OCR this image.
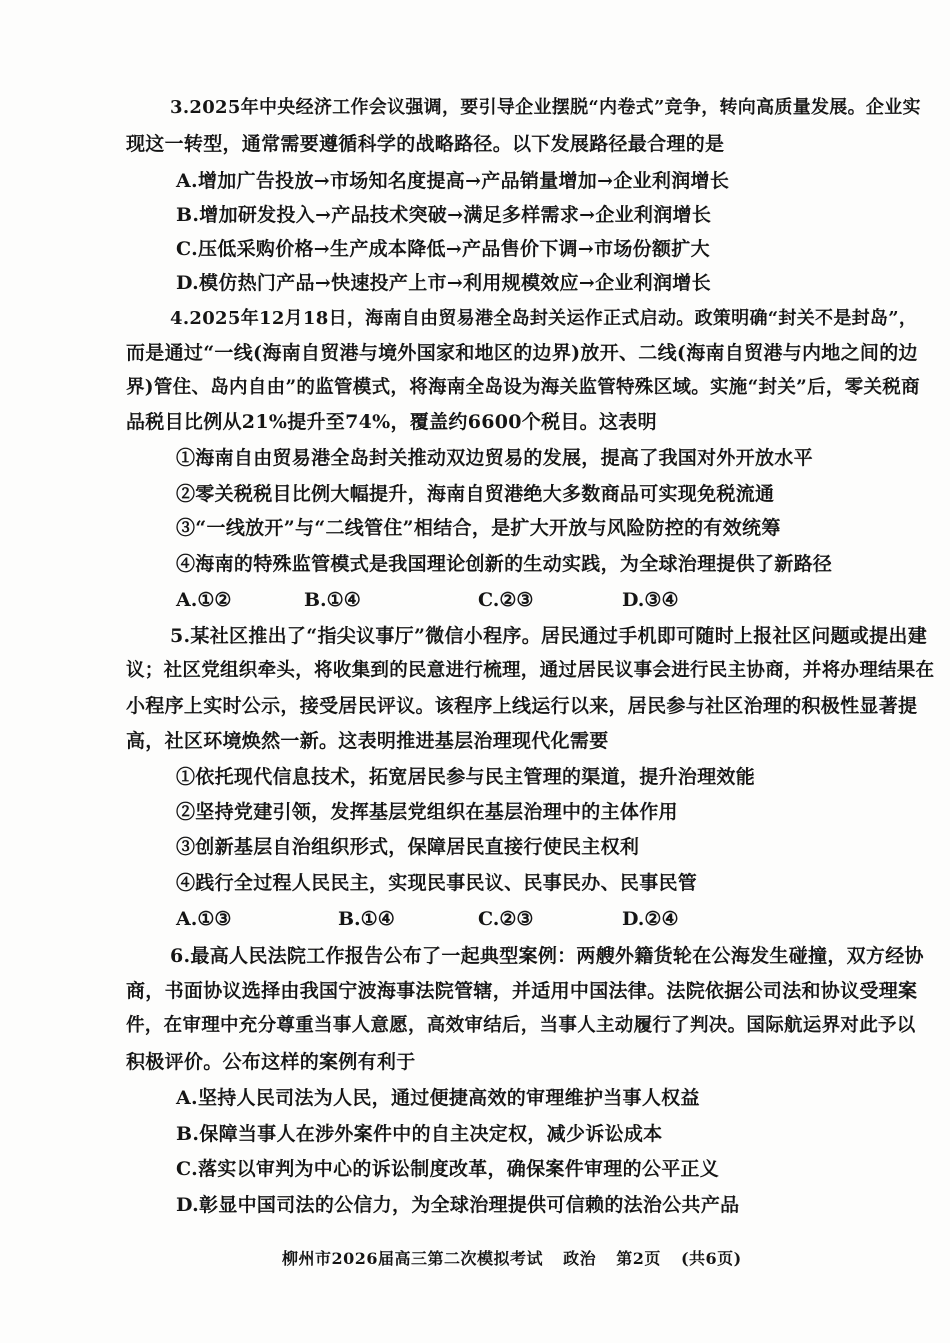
3.2025年中央经济工作会议强调，要引导企业摆脱“内卷式”竞争，转向高质量发展。企业实
现这一转型，通常需要遵循科学的战略路径。以下发展路径最合理的是
A.增加广告投放→市场知名度提高→产品销量增加→企业利润增长
B.增加研发投入→产品技术突破→满足多样需求→企业利润增长
C.压低采购价格→生产成本降低→产品售价下调→市场份额扩大
D.模仿热门产品→快速投产上市→利用规模效应→企业利润增长
4.2025年12月18日，海南自由贸易港全岛封关运作正式启动。政策明确“封关不是封岛”，
而是通过“一线(海南自贸港与境外国家和地区的边界)放开、二线(海南自贸港与内地之间的边
界)管住、岛内自由”的监管模式，将海南全岛设为海关监管特殊区域。实施“封关”后，零关税商
品税目比例从21%提升至74%，覆盖约6600个税目。这表明
①海南自由贸易港全岛封关推动双边贸易的发展，提高了我国对外开放水平
②零关税税目比例大幅提升，海南自贸港绝大多数商品可实现免税流通
③“一线放开”与“二线管住”相结合，是扩大开放与风险防控的有效统筹
④海南的特殊监管模式是我国理论创新的生动实践，为全球治理提供了新路径
A.①②	B.①④	C.②③	D.③④
5.某社区推出了“指尖议事厅”微信小程序。居民通过手机即可随时上报社区问题或提出建
议；社区党组织牵头，将收集到的民意进行梳理，通过居民议事会进行民主协商，并将办理结果在
小程序上实时公示，接受居民评议。该程序上线运行以来，居民参与社区治理的积极性显著提
高，社区环境焕然一新。这表明推进基层治理现代化需要
①依托现代信息技术，拓宽居民参与民主管理的渠道，提升治理效能
②坚持党建引领，发挥基层党组织在基层治理中的主体作用
③创新基层自治组织形式，保障居民直接行使民主权利
④践行全过程人民民主，实现民事民议、民事民办、民事民管
A.①③	B.①④	C.②③	D.②④
6.最高人民法院工作报告公布了一起典型案例：两艘外籍货轮在公海发生碰撞，双方经协
商，书面协议选择由我国宁波海事法院管辖，并适用中国法律。法院依据公司法和协议受理案
件，在审理中充分尊重当事人意愿，高效审结后，当事人主动履行了判决。国际航运界对此予以
积极评价。公布这样的案例有利于
A.坚持人民司法为人民，通过便捷高效的审理维护当事人权益
B.保障当事人在涉外案件中的自主决定权，减少诉讼成本
C.落实以审判为中心的诉讼制度改革，确保案件审理的公平正义
D.彰显中国司法的公信力，为全球治理提供可信赖的法治公共产品
柳州市2026届高三第二次模拟考试 政治 第2页 (共6页)
